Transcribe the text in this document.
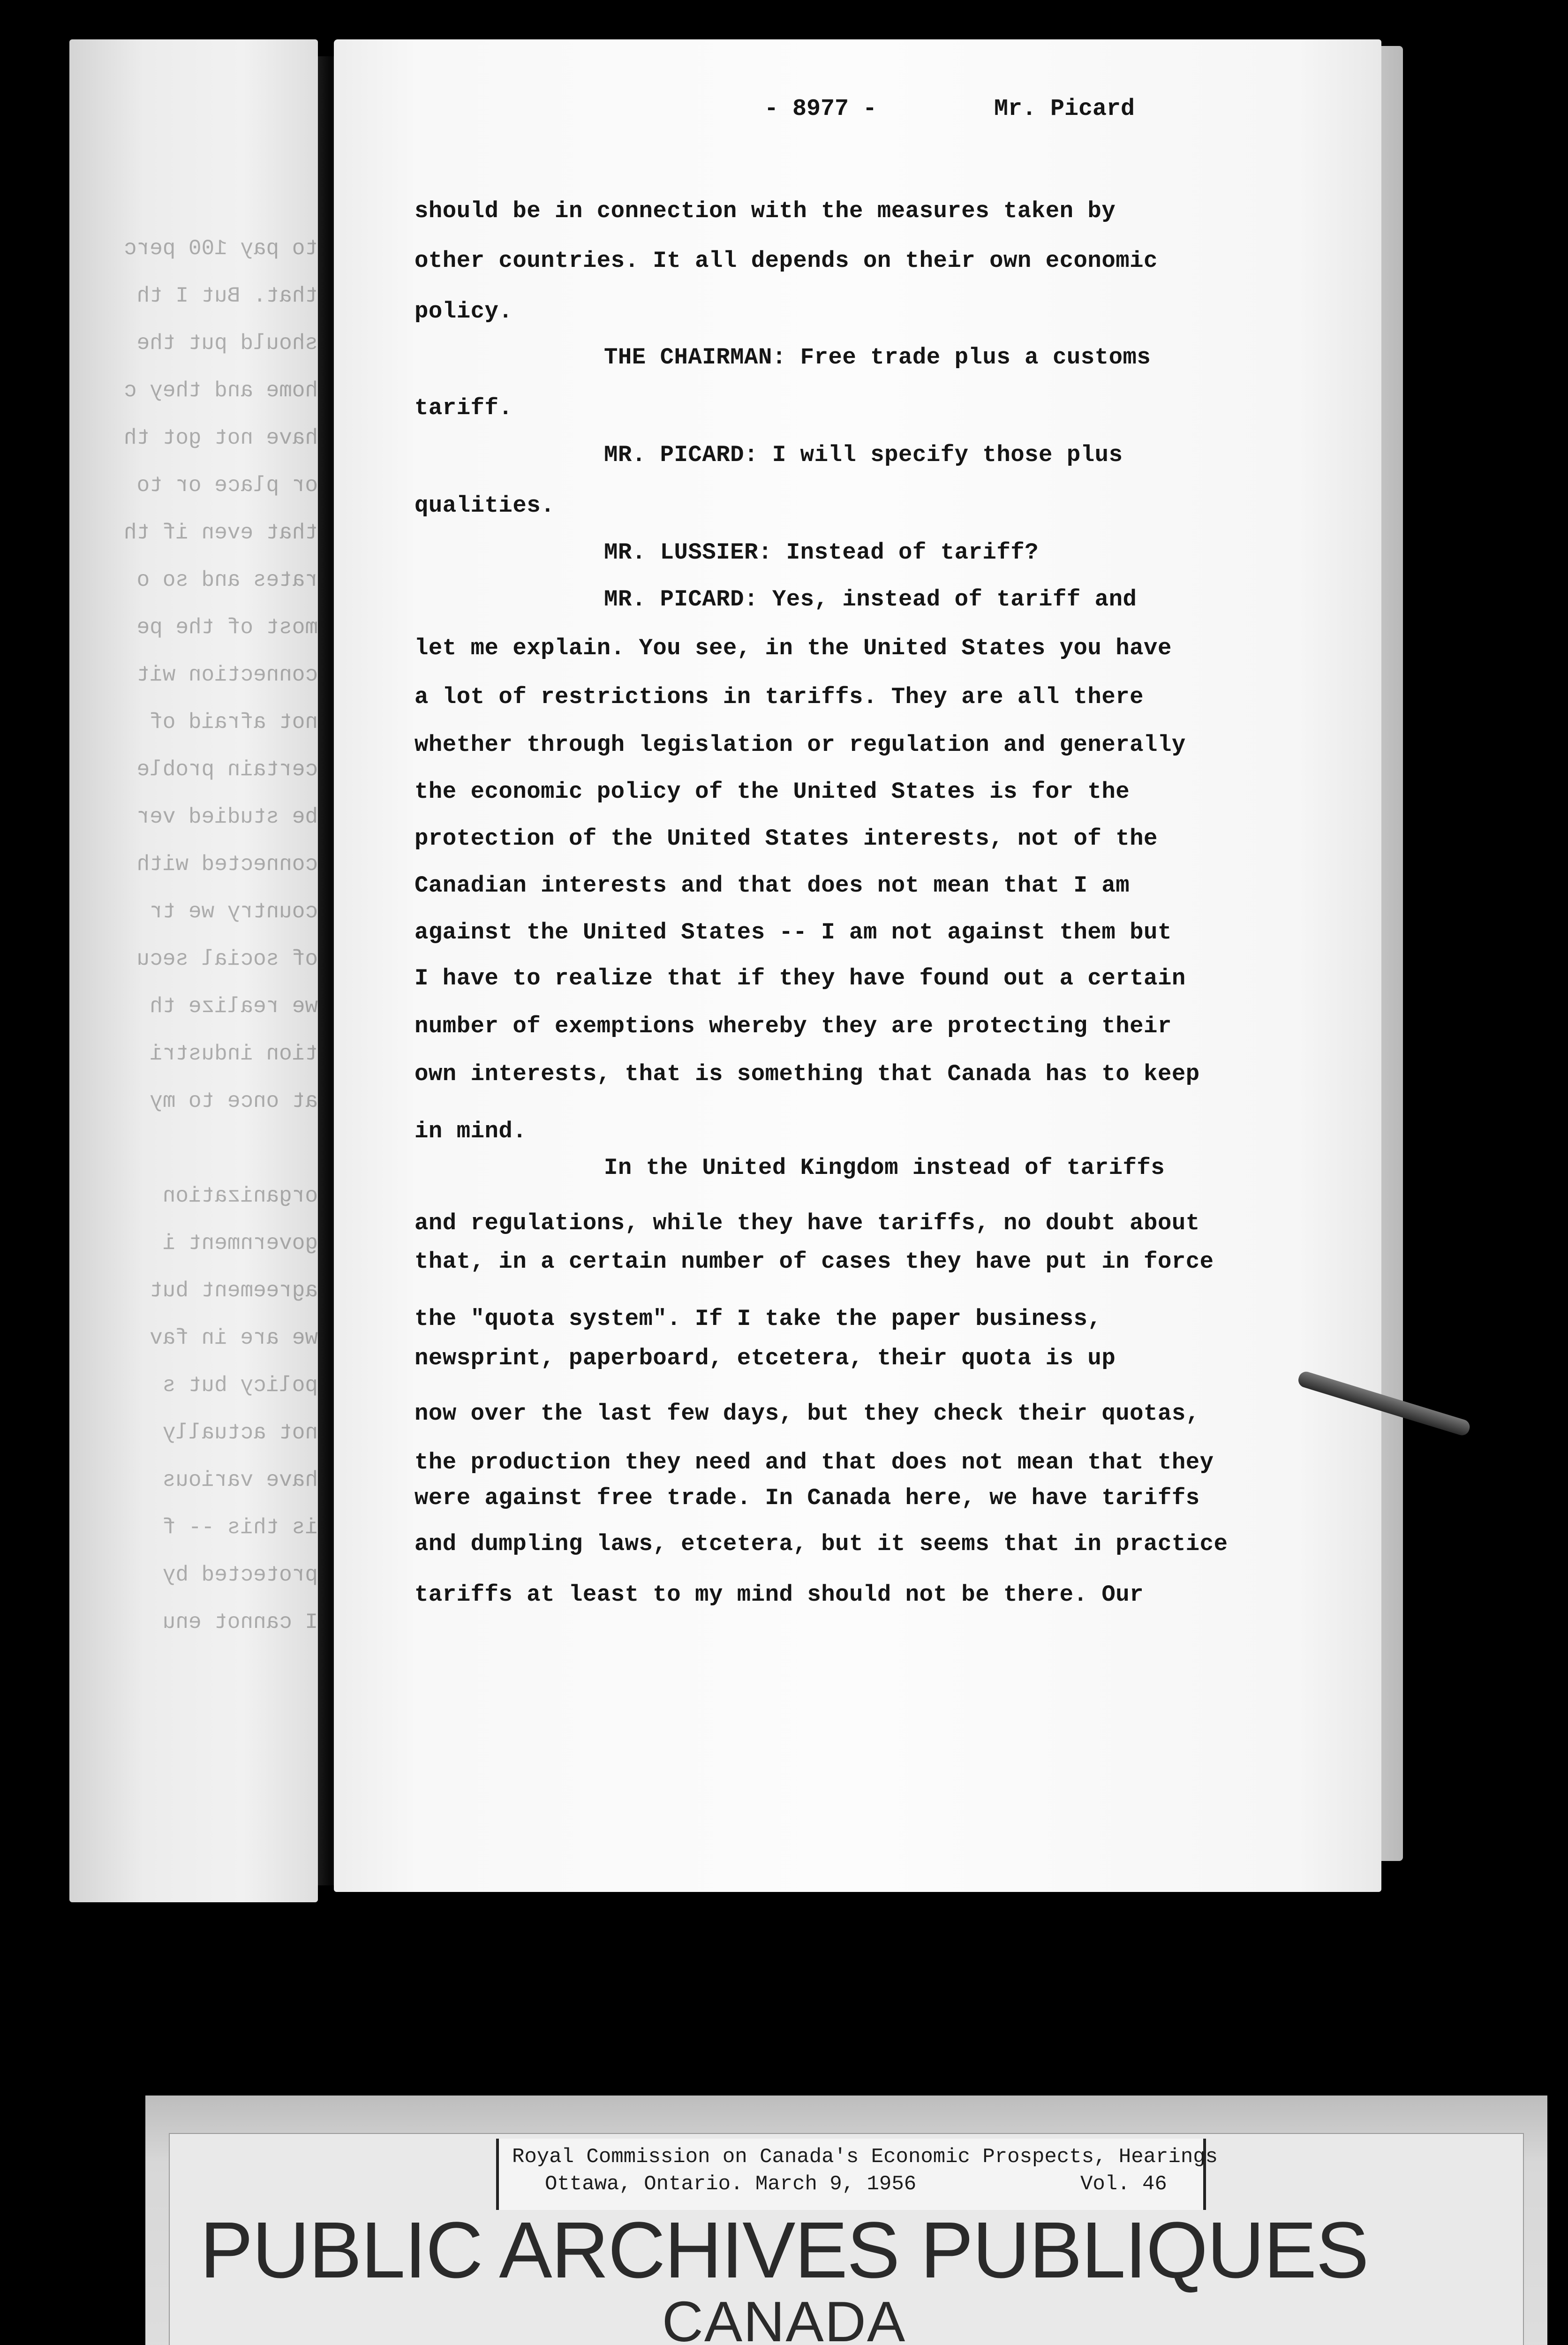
to pay 100 perc
that. But I th
should put the
home and they c
have not got th
or place or to
that even if th
rates and so o
most of the pe
connection wit
not afraid of
certain proble
be studied ver
connected with
country we tr
of social secu
we realize th
tion industri
at once to my
organization
government i
agreement but
we are in fav
policy but s
not actually
have various
is this -- f
protected by
I cannot enu
- 8977 -	Mr. Picard
should be in connection with the measures taken by
other countries. It all depends on their own economic
policy.
THE CHAIRMAN: Free trade plus a customs
tariff.
MR. PICARD: I will specify those plus
qualities.
MR. LUSSIER: Instead of tariff?
MR. PICARD: Yes, instead of tariff and
let me explain. You see, in the United States you have
a lot of restrictions in tariffs. They are all there
whether through legislation or regulation and generally
the economic policy of the United States is for the
protection of the United States interests, not of the
Canadian interests and that does not mean that I am
against the United States -- I am not against them but
I have to realize that if they have found out a certain
number of exemptions whereby they are protecting their
own interests, that is something that Canada has to keep
in mind.
In the United Kingdom instead of tariffs
and regulations, while they have tariffs, no doubt about
that, in a certain number of cases they have put in force
the "quota system". If I take the paper business,
newsprint, paperboard, etcetera, their quota is up
now over the last few days, but they check their quotas,
the production they need and that does not mean that they
were against free trade. In Canada here, we have tariffs
and dumpling laws, etcetera, but it seems that in practice
tariffs at least to my mind should not be there. Our
Royal Commission on Canada's Economic Prospects, Hearings
Ottawa, Ontario. March 9, 1956	Vol. 46
PUBLIC ARCHIVES PUBLIQUES
CANADA
